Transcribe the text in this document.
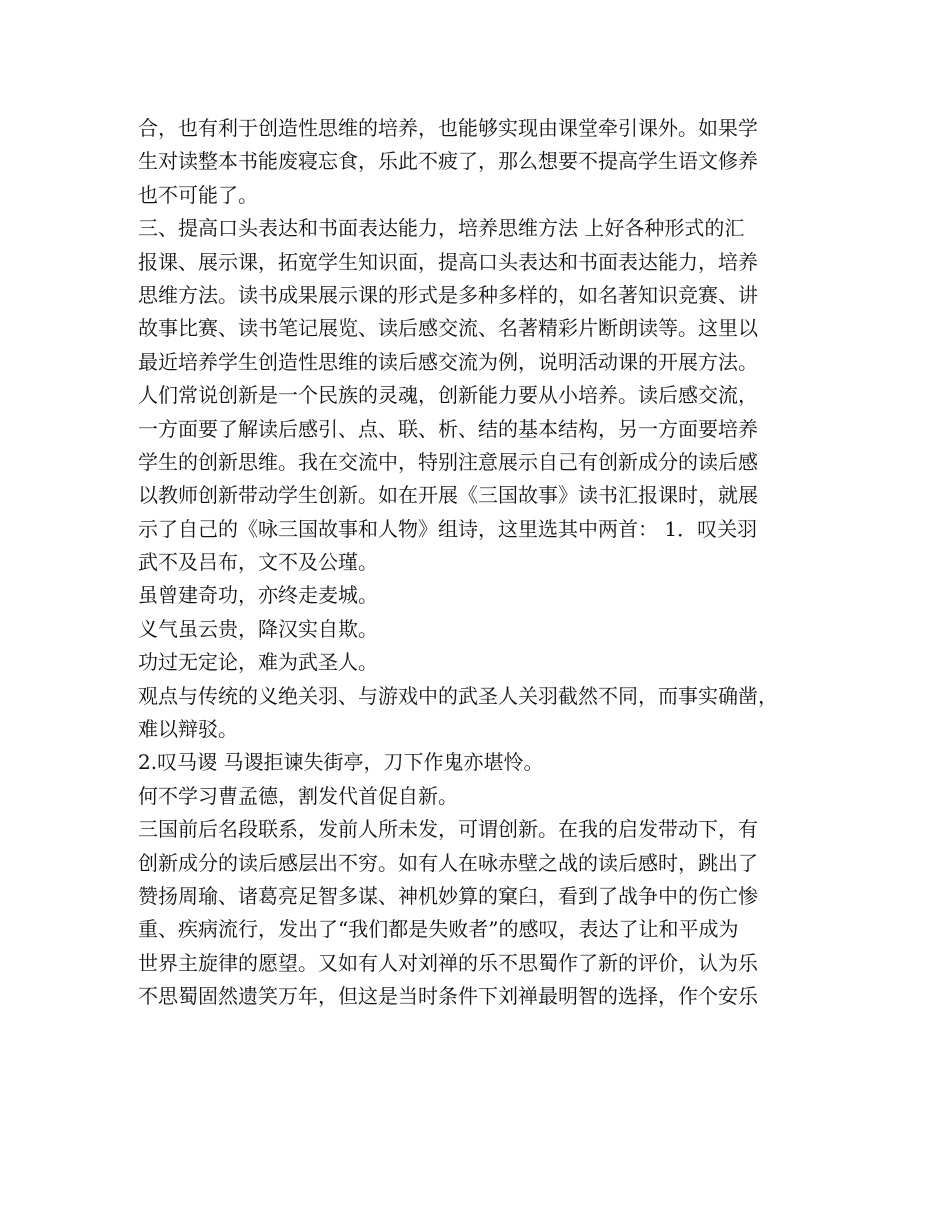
合，也有利于创造性思维的培养，也能够实现由课堂牵引课外。如果学
生对读整本书能废寝忘食，乐此不疲了，那么想要不提高学生语文修养
也不可能了。
三、提高口头表达和书面表达能力，培养思维方法 上好各种形式的汇
报课、展示课，拓宽学生知识面，提高口头表达和书面表达能力，培养
思维方法。读书成果展示课的形式是多种多样的，如名著知识竞赛、讲
故事比赛、读书笔记展览、读后感交流、名著精彩片断朗读等。这里以
最近培养学生创造性思维的读后感交流为例，说明活动课的开展方法。
人们常说创新是一个民族的灵魂，创新能力要从小培养。读后感交流，
一方面要了解读后感引、点、联、析、结的基本结构，另一方面要培养
学生的创新思维。我在交流中，特别注意展示自己有创新成分的读后感
以教师创新带动学生创新。如在开展《三国故事》读书汇报课时，就展
示了自己的《咏三国故事和人物》组诗，这里选其中两首： 1．叹关羽
武不及吕布，文不及公瑾。
虽曾建奇功，亦终走麦城。
义气虽云贵，降汉实自欺。
功过无定论，难为武圣人。
观点与传统的义绝关羽、与游戏中的武圣人关羽截然不同，而事实确凿，
难以辩驳。
2.叹马谡 马谡拒谏失街亭，刀下作鬼亦堪怜。
何不学习曹孟德，割发代首促自新。
三国前后名段联系，发前人所未发，可谓创新。在我的启发带动下，有
创新成分的读后感层出不穷。如有人在咏赤壁之战的读后感时，跳出了
赞扬周瑜、诸葛亮足智多谋、神机妙算的窠臼，看到了战争中的伤亡惨
重、疾病流行，发出了“我们都是失败者”的感叹，表达了让和平成为
世界主旋律的愿望。又如有人对刘禅的乐不思蜀作了新的评价，认为乐
不思蜀固然遗笑万年，但这是当时条件下刘禅最明智的选择，作个安乐
